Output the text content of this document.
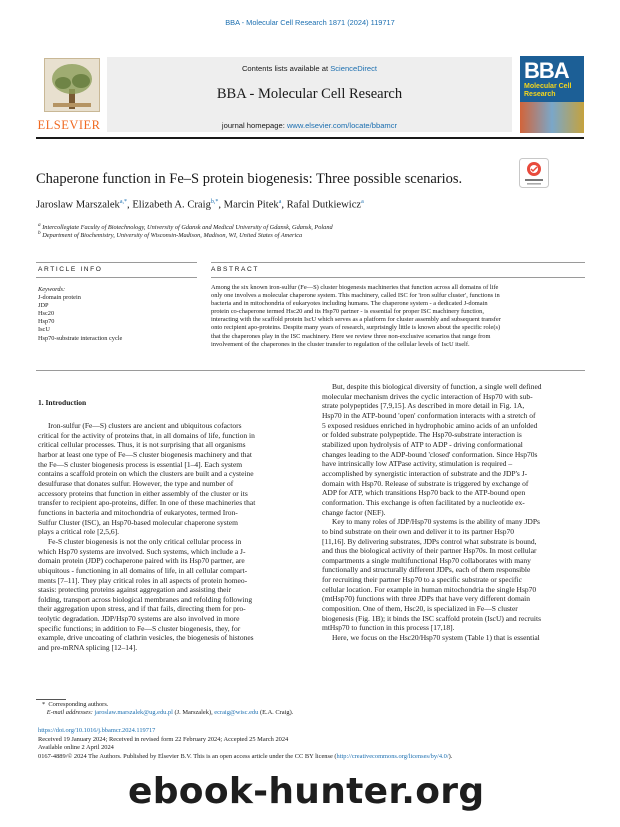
BBA - Molecular Cell Research 1871 (2024) 119717
ELSEVIER
Contents lists available at ScienceDirect
BBA - Molecular Cell Research
journal homepage: www.elsevier.com/locate/bbamcr
BBA
Molecular Cell Research
Chaperone function in Fe–S protein biogenesis: Three possible scenarios.
Jaroslaw Marszalek$^{a,*}$, Elizabeth A. Craig$^{b,*}$, Marcin Pitek$^a$, Rafal Dutkiewicz$^a$
$^a$ Intercollegiate Faculty of Biotechnology, University of Gdansk and Medical University of Gdansk, Gdansk, Poland
$^b$ Department of Biochemistry, University of Wisconsin-Madison, Madison, WI, United States of America
ARTICLE INFO	ABSTRACT
Keywords:
J-domain protein
JDP
Hsc20
Hsp70
IscU
Hsp70-substrate interaction cycle
Among the six known iron-sulfur (Fe—S) cluster biogenesis machineries that function across all domains of life
only one involves a molecular chaperone system. This machinery, called ISC for 'iron sulfur cluster', functions in
bacteria and in mitochondria of eukaryotes including humans. The chaperone system - a dedicated J-domain
protein co-chaperone termed Hsc20 and its Hsp70 partner - is essential for proper ISC machinery function,
interacting with the scaffold protein IscU which serves as a platform for cluster assembly and subsequent transfer
onto recipient apo-proteins. Despite many years of research, surprisingly little is known about the specific role(s)
that the chaperones play in the ISC machinery. Here we review three non-exclusive scenarios that range from
involvement of the chaperones in the cluster transfer to regulation of the cellular levels of IscU itself.
1. Introduction
Iron-sulfur (Fe—S) clusters are ancient and ubiquitous cofactors
critical for the activity of proteins that, in all domains of life, function in
critical cellular processes. Thus, it is not surprising that all organisms
harbor at least one type of Fe—S cluster biogenesis machinery and that
the Fe—S cluster biogenesis process is essential [1–4]. Each system
contains a scaffold protein on which the clusters are built and a cysteine
desulfurase that donates sulfur. However, the type and number of
accessory proteins that function in either assembly of the cluster or its
transfer to recipient apo-proteins, differ. In one of these machineries that
functions in bacteria and mitochondria of eukaryotes, termed Iron-
Sulfur Cluster (ISC), an Hsp70-based molecular chaperone system
plays a critical role [2,5,6].
Fe-S cluster biogenesis is not the only critical cellular process in
which Hsp70 systems are involved. Such systems, which include a J-
domain protein (JDP) cochaperone paired with its Hsp70 partner, are
ubiquitous - functioning in all domains of life, in all cellular compart-
ments [7–11]. They play critical roles in all aspects of protein homeo-
stasis: protecting proteins against aggregation and assisting their
folding, transport across biological membranes and refolding following
their aggregation upon stress, and if that fails, directing them for pro-
teolytic degradation. JDP/Hsp70 systems are also involved in more
specific functions; in addition to Fe—S cluster biogenesis, they, for
example, drive uncoating of clathrin vesicles, the biogenesis of histones
and pre-mRNA splicing [12–14].
But, despite this biological diversity of function, a single well defined
molecular mechanism drives the cyclic interaction of Hsp70 with sub-
strate polypeptides [7,9,15]. As described in more detail in Fig. 1A,
Hsp70 in the ATP-bound 'open' conformation interacts with a stretch of
5 exposed residues enriched in hydrophobic amino acids of an unfolded
or folded substrate polypeptide. The Hsp70-substrate interaction is
stabilized upon hydrolysis of ATP to ADP - driving conformational
changes leading to the ADP-bound 'closed' conformation. Since Hsp70s
have intrinsically low ATPase activity, stimulation is required –
accomplished by synergistic interaction of substrate and the JDP's J-
domain with Hsp70. Release of substrate is triggered by exchange of
ADP for ATP, which transitions Hsp70 back to the ATP-bound open
conformation. This exchange is often facilitated by a nucleotide ex-
change factor (NEF).
Key to many roles of JDP/Hsp70 systems is the ability of many JDPs
to bind substrate on their own and deliver it to its partner Hsp70
[11,16]. By delivering substrates, JDPs control what substrate is bound,
and thus the biological activity of their partner Hsp70s. In most cellular
compartments a single multifunctional Hsp70 collaborates with many
functionally and structurally different JDPs, each of them responsible
for recruiting their partner Hsp70 to a specific substrate or specific
cellular location. For example in human mitochondria the single Hsp70
(mtHsp70) functions with three JDPs that have very different domain
composition. One of them, Hsc20, is specialized in Fe—S cluster
biogenesis (Fig. 1B); it binds the ISC scaffold protein (IscU) and recruits
mtHsp70 to function in this process [17,18].
Here, we focus on the Hsc20/Hsp70 system (Table 1) that is essential
* Corresponding authors.
E-mail addresses: jaroslaw.marszalek@ug.edu.pl (J. Marszalek), ecraig@wisc.edu (E.A. Craig).
https://doi.org/10.1016/j.bbamcr.2024.119717
Received 19 January 2024; Received in revised form 22 February 2024; Accepted 25 March 2024
Available online 2 April 2024
0167-4889/© 2024 The Authors. Published by Elsevier B.V. This is an open access article under the CC BY license (http://creativecommons.org/licenses/by/4.0/).
ebook-hunter.org
